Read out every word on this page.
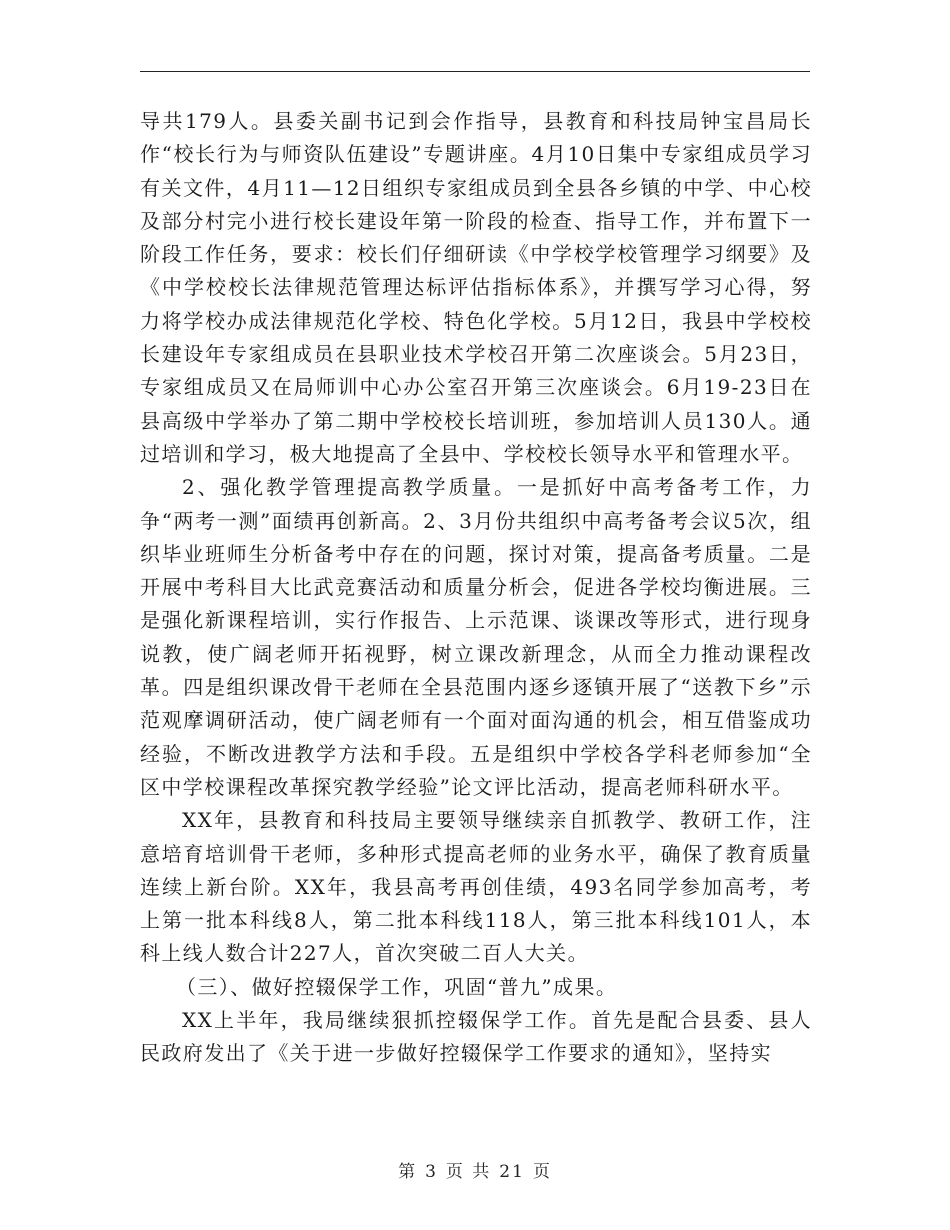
导共179人。县委关副书记到会作指导，县教育和科技局钟宝昌局长作“校长行为与师资队伍建设”专题讲座。4月10日集中专家组成员学习有关文件，4月11—12日组织专家组成员到全县各乡镇的中学、中心校及部分村完小进行校长建设年第一阶段的检查、指导工作，并布置下一阶段工作任务，要求：校长们仔细研读《中学校学校管理学习纲要》及《中学校校长法律规范管理达标评估指标体系》，并撰写学习心得，努力将学校办成法律规范化学校、特色化学校。5月12日，我县中学校校长建设年专家组成员在县职业技术学校召开第二次座谈会。5月23日，专家组成员又在局师训中心办公室召开第三次座谈会。6月19-23日在县高级中学举办了第二期中学校校长培训班，参加培训人员130人。通过培训和学习，极大地提高了全县中、学校校长领导水平和管理水平。

2、强化教学管理提高教学质量。一是抓好中高考备考工作，力争“两考一测”面绩再创新高。2、3月份共组织中高考备考会议5次，组织毕业班师生分析备考中存在的问题，探讨对策，提高备考质量。二是开展中考科目大比武竞赛活动和质量分析会，促进各学校均衡进展。三是强化新课程培训，实行作报告、上示范课、谈课改等形式，进行现身说教，使广阔老师开拓视野，树立课改新理念，从而全力推动课程改革。四是组织课改骨干老师在全县范围内逐乡逐镇开展了“送教下乡”示范观摩调研活动，使广阔老师有一个面对面沟通的机会，相互借鉴成功经验，不断改进教学方法和手段。五是组织中学校各学科老师参加“全区中学校课程改革探究教学经验”论文评比活动，提高老师科研水平。

XX年，县教育和科技局主要领导继续亲自抓教学、教研工作，注意培育培训骨干老师，多种形式提高老师的业务水平，确保了教育质量连续上新台阶。XX年，我县高考再创佳绩，493名同学参加高考，考上第一批本科线8人，第二批本科线118人，第三批本科线101人，本科上线人数合计227人，首次突破二百人大关。

（三）、做好控辍保学工作，巩固“普九”成果。

XX上半年，我局继续狠抓控辍保学工作。首先是配合县委、县人民政府发出了《关于进一步做好控辍保学工作要求的通知》，坚持实

第 3 页 共 21 页
